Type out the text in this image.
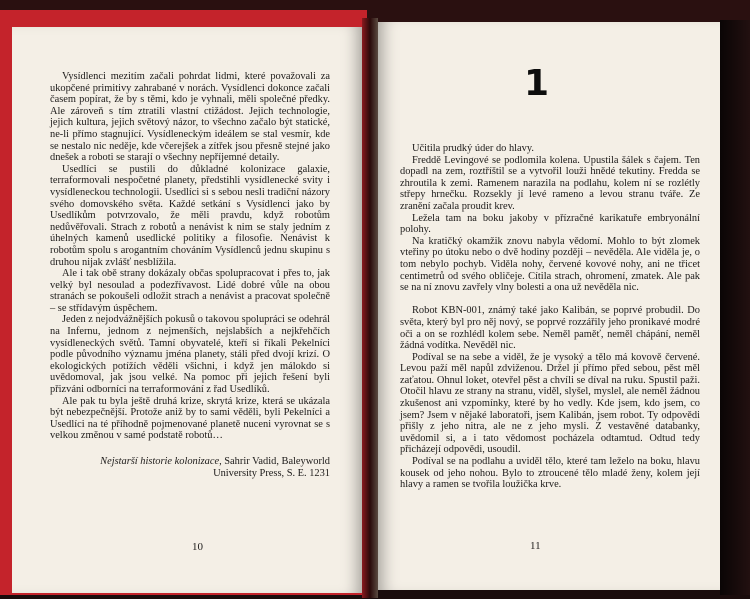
Vysídlenci mezitím začali pohrdat lidmi, které považovali za ukopčené primitivy zahrabané v norách. Vysídlenci dokonce začali časem popírat, že by s těmi, kdo je vyhnali, měli společné předky. Ale zároveň s tím ztratili vlastní ctižádost. Jejich technologie, jejich kultura, jejich světový názor, to všechno začalo být statické, ne-li přímo stagnující. Vysídleneckým ideálem se stal vesmír, kde se nestalo nic neděje, kde včerejšek a zítřek jsou přesně stejné jako dnešek a roboti se starají o všechny nepříjemné detaily.

Usedlíci se pustili do důkladné kolonizace galaxie, terraformovali nespočetné planety, předstihli vysídlenecké svity i vysídleneckou technologii. Usedlíci si s sebou nesli tradiční názory svého domovského světa. Každé setkání s Vysídlenci jako by Usedlíkům potvrzovalo, že měli pravdu, když robotům nedůvěřovali. Strach z robotů a nenávist k nim se staly jedním z úhelných kamenů usedlické politiky a filosofie. Nenávist k robotům spolu s arogantním chováním Vysídlenců jednu skupinu s druhou nijak zvlášť nesblížila.

Ale i tak obě strany dokázaly občas spolupracovat i přes to, jak velký byl nesoulad a podezřívavost. Lidé dobré vůle na obou stranách se pokoušeli odložit strach a nenávist a pracovat společně – se střídavým úspěchem.

Jeden z nejodvážnějších pokusů o takovou spolupráci se odehrál na Infernu, jednom z nejmenších, nejslabších a nejkřehčích vysídleneckých světů. Tamní obyvatelé, kteří si říkali Pekelníci podle původního významu jména planety, stáli před dvojí krizí. O ekologických potížích věděli všichni, i když jen málokdo si uvědomoval, jak jsou velké. Na pomoc při jejich řešení byli přizváni odborníci na terraformování z řad Usedlíků.

Ale pak tu byla ještě druhá krize, skrytá krize, která se ukázala být nebezpečnější. Protože aniž by to sami věděli, byli Pekelníci a Usedlíci na té příhodně pojmenované planetě nuceni vyrovnat se s velkou změnou v samé podstatě robotů…

Nejstarší historie kolonizace, Sahrir Vadid, Baleyworld

University Press, S. E. 1231

10
1

Učitila prudký úder do hlavy.

Freddě Levingové se podlomila kolena. Upustila šálek s čajem. Ten dopadl na zem, roztříštil se a vytvořil louži hnědé tekutiny. Fredda se zhroutila k zemi. Ramenem narazila na podlahu, kolem ní se rozlétly střepy hrnečku. Rozsekly jí levé rameno a levou stranu tváře. Ze zranění začala proudit krev.

Ležela tam na boku jakoby v přízračné karikatuře embryonální polohy.

Na kratičký okamžik znovu nabyla vědomí. Mohlo to být zlomek vteřiny po útoku nebo o dvě hodiny později – nevěděla. Ale viděla je, o tom nebylo pochyb. Viděla nohy, červené kovové nohy, ani ne třicet centimetrů od svého obličeje. Cítila strach, ohromení, zmatek. Ale pak se na ní znovu zavřely vlny bolesti a ona už nevěděla nic.

Robot KBN-001, známý také jako Kalibán, se poprvé probudil. Do světa, který byl pro něj nový, se poprvé rozzářily jeho pronikavé modré oči a on se rozhlédl kolem sebe. Neměl paměť, neměl chápání, neměl žádná vodítka. Nevěděl nic.

Podíval se na sebe a viděl, že je vysoký a tělo má kovově červené. Levou paží měl napůl zdviženou. Držel ji přímo před sebou, pěst měl zaťatou. Ohnul loket, otevřel pěst a chvíli se díval na ruku. Spustil paži. Otočil hlavu ze strany na stranu, viděl, slyšel, myslel, ale neměl žádnou zkušenost ani vzpomínky, které by ho vedly. Kde jsem, kdo jsem, co jsem? Jsem v nějaké laboratoři, jsem Kalibán, jsem robot. Ty odpovědi přišly z jeho nitra, ale ne z jeho mysli. Z vestavěné databanky, uvědomil si, a i tato vědomost pocházela odtamtud. Odtud tedy přicházejí odpovědi, usoudil.

Podíval se na podlahu a uviděl tělo, které tam leželo na boku, hlavu kousek od jeho nohou. Bylo to ztroucené tělo mladé ženy, kolem její hlavy a ramen se tvořila loužička krve.

11
